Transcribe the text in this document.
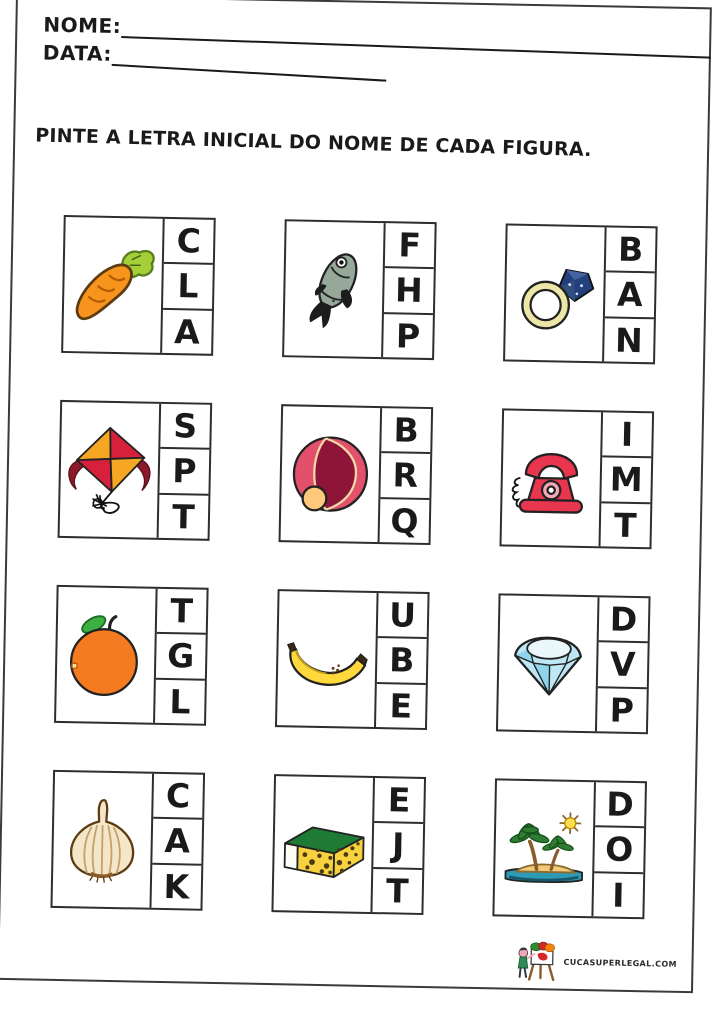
NOME:
DATA:
PINTE A LETRA INICIAL DO NOME DE CADA FIGURA.
C
L
A
F
H
P
B
A
N
S
P
T
B
R
Q
I
M
T
T
G
L
U
B
E
D
V
P
C
A
K
E
J
T
D
O
I
CUCASUPERLEGAL.COM
